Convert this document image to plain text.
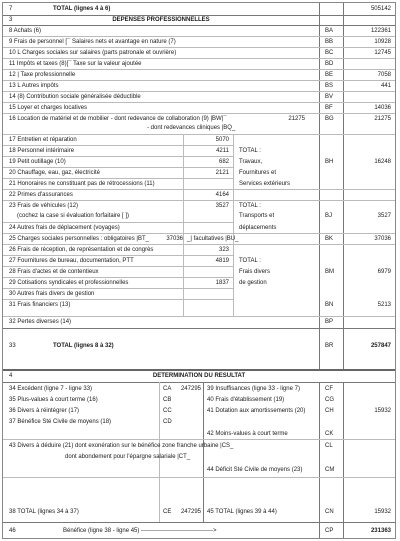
7	TOTAL (lignes 4 à 6)	505142
3	DEPENSES PROFESSIONNELLES
8 Achats (6)	BA	122361
9 Frais de personnel [¯ Salaires nets et avantage en nature (7)	BB	10928
10 L Charges sociales sur salaires (parts patronale et ouvrière)	BC	12745
11 Impôts et taxes (8)[¯ Taxe sur la valeur ajoutée	BD
12 | Taxe professionnelle	BE	7058
13 L Autres impôts	BS	441
14 (8) Contribution sociale généralisée déductible	BV
15 Loyer et charges locatives	BF	14036
16 Location de matériel et de mobilier - dont redevance de collaboration (9) |BW|¯	21275	BG	21275
- dont redevances cliniques |BQ_
17 Entretien et réparation	5070
18 Personnel intérimaire	4211 TOTAL :
19 Petit outillage (10)	682 Travaux,	BH	16248
20 Chauffage, eau, gaz, électricité	2121 Fournitures et
21 Honoraires ne constituant pas de rétrocessions (11)	Services extérieurs
22 Primes d'assurances	4164
23 Frais de véhicules (12)	3527 TOTAL :
(cochez la case si évaluation forfaitaire [ ])	Transports et	BJ	3527
24 Autres frais de déplacement (voyages)	déplacements
25 Charges sociales personnelles : obligatoires |BT_	37036 _| facultatives |BU_	BK	37036
26 Frais de réception, de représentation et de congrès	323
27 Fournitures de bureau, documentation, PTT	4819 TOTAL :
28 Frais d'actes et de contentieux	Frais divers	BM	6979
29 Cotisations syndicales et professionnelles	1837 de gestion
30 Autres frais divers de gestion
31 Frais financiers (13)	BN	5213
32 Pertes diverses (14)	BP
33	TOTAL (lignes 8 à 32)	BR	257847
4	DETERMINATION DU RESULTAT
34 Excédent (ligne 7 - ligne 33)	CA	247295
35 Plus-values à court terme (16)	CB
36 Divers à réintégrer (17)	CC
37 Bénéfice Sté Civile de moyens (18)	CD
39 Insuffisances (ligne 33 - ligne 7)	CF
40 Frais d'établissement (19)	CG
41 Dotation aux amortissements (20)	CH	15932
42 Moins-values à court terme	CK
43 Divers à déduire (21) dont exonération sur le bénéfice zone franche urbaine |CS_	CL
dont abondement pour l'épargne salariale |CT_
44 Déficit Sté Civile de moyens (23)	CM
38 TOTAL (lignes 34 à 37)	CE	247295 45 TOTAL (lignes 39 à 44)	CN	15932
46	Bénéfice (ligne 38 - ligne 45) ------------------------------------>	CP	231363
